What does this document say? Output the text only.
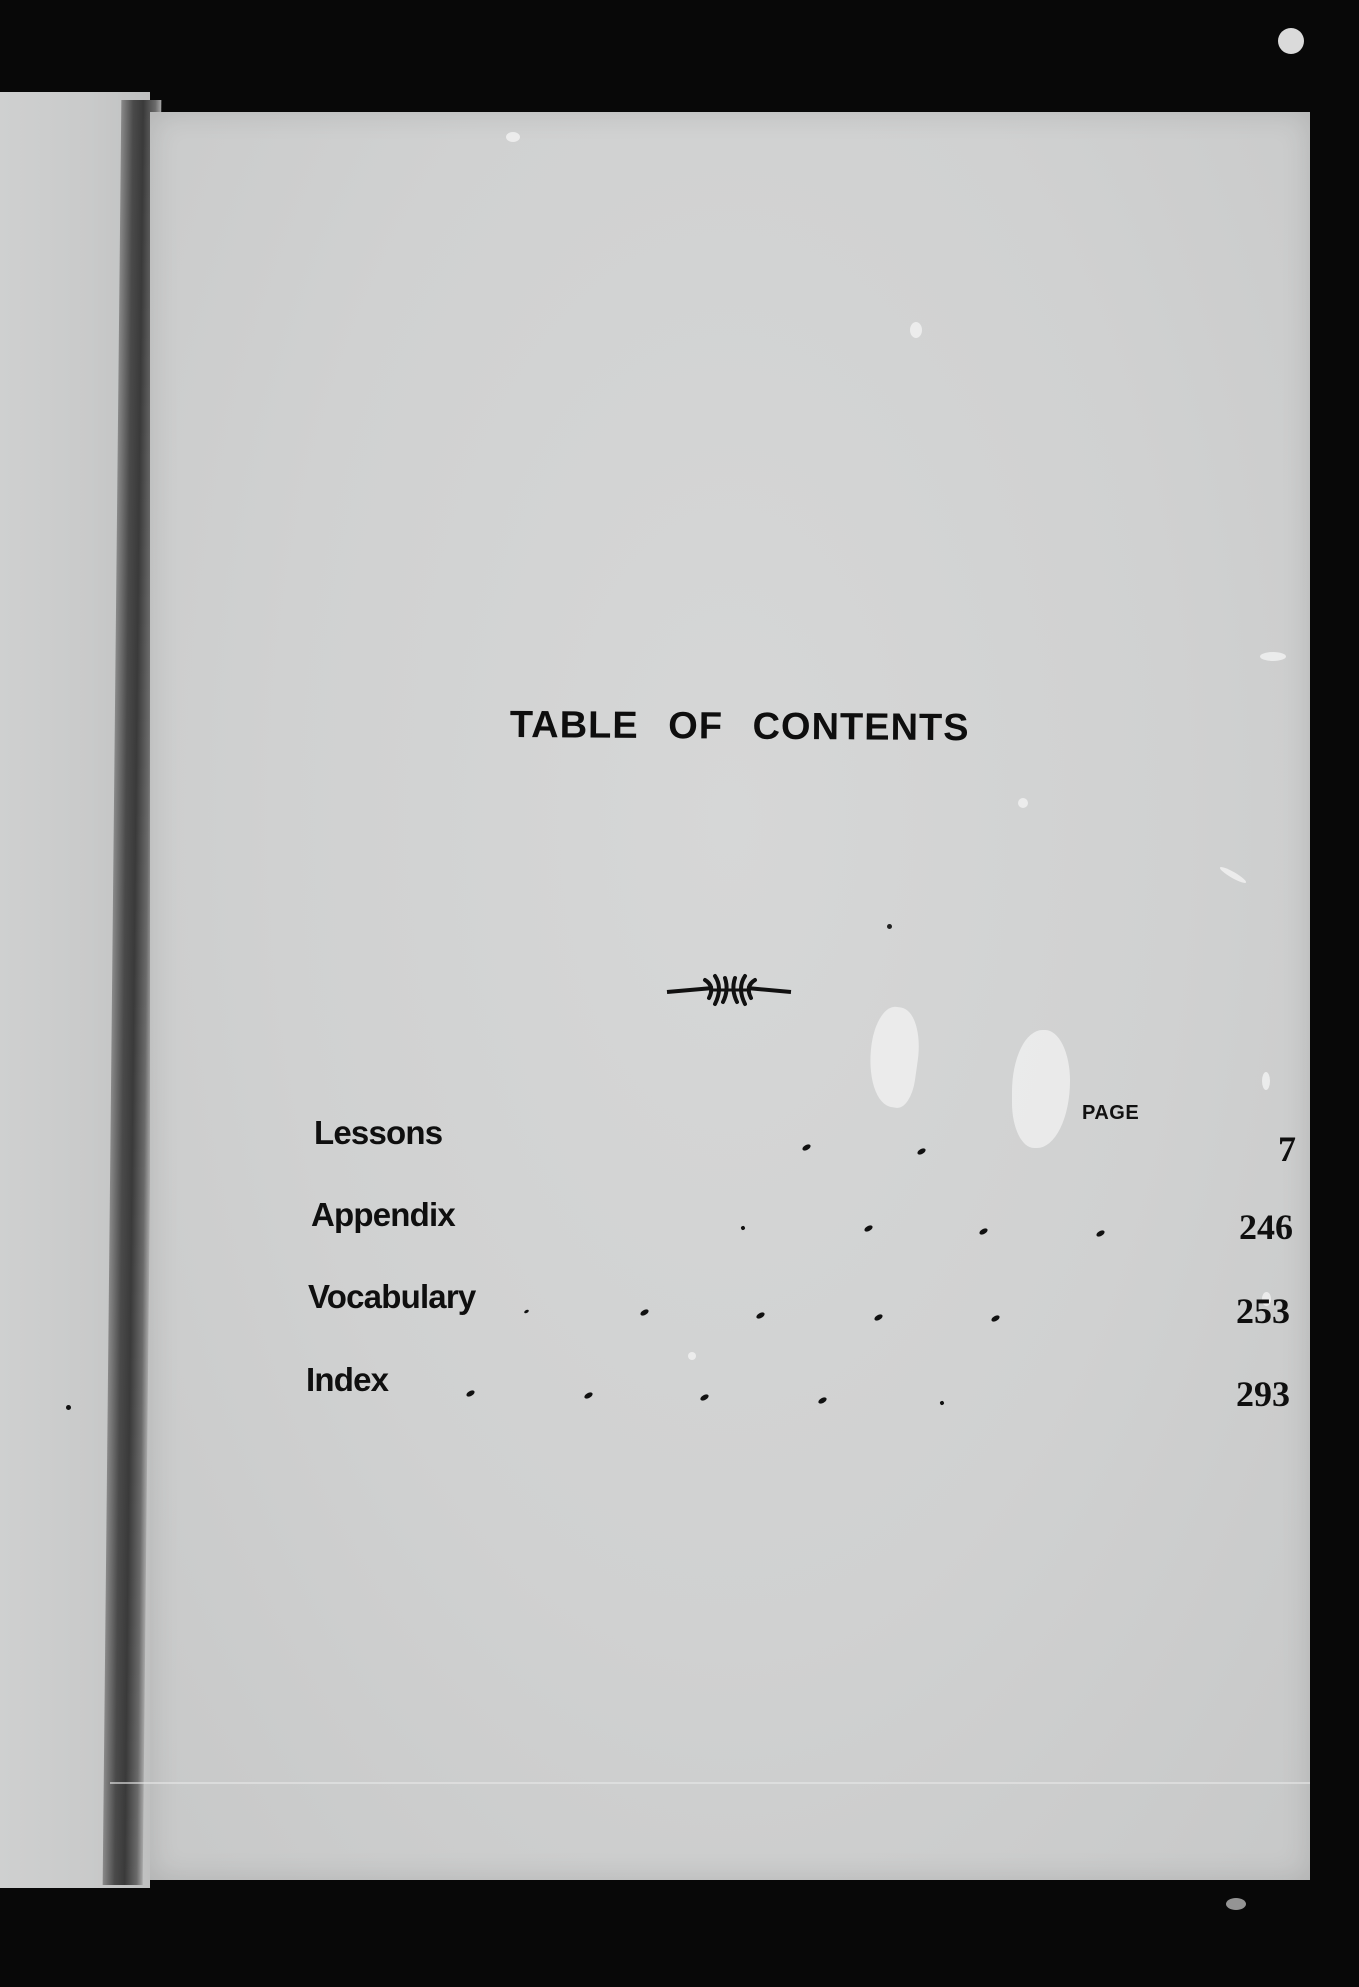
TABLE OF CONTENTS
PAGE
Lessons	7
Appendix	246
Vocabulary	253
Index	293
